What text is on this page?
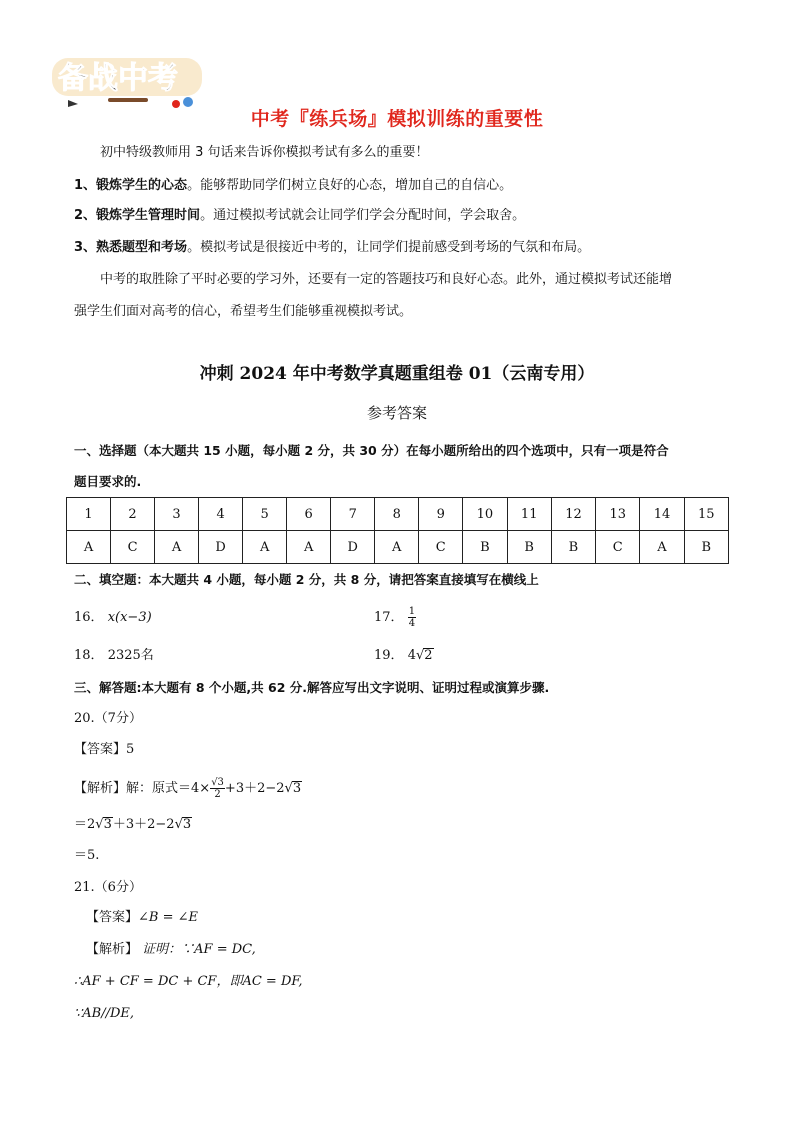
备战中考
中考『练兵场』模拟训练的重要性
初中特级教师用 3 句话来告诉你模拟考试有多么的重要！
1、锻炼学生的心态。能够帮助同学们树立良好的心态，增加自己的自信心。
2、锻炼学生管理时间。通过模拟考试就会让同学们学会分配时间，学会取舍。
3、熟悉题型和考场。模拟考试是很接近中考的，让同学们提前感受到考场的气氛和布局。
中考的取胜除了平时必要的学习外，还要有一定的答题技巧和良好心态。此外，通过模拟考试还能增
强学生们面对高考的信心，希望考生们能够重视模拟考试。
冲刺 2024 年中考数学真题重组卷 01（云南专用）
参考答案
一、选择题（本大题共 15 小题，每小题 2 分，共 30 分）在每小题所给出的四个选项中，只有一项是符合
题目要求的.
1	2	3	4	5	6	7	8	9	10	11	12	13	14	15
A	C	A	D	A	A	D	A	C	B	B	B	C	A	B
二、填空题：本大题共 4 小题，每小题 2 分，共 8 分，请把答案直接填写在横线上
16． x(x−3)	17． $\frac{1}{4}$
18． 2325名	19． 4√2
三、解答题:本大题有 8 个小题,共 62 分.解答应写出文字说明、证明过程或演算步骤.
20.（7分）
【答案】5
【解析】解：原式$=4\times \frac{√3}{2} +3+2-2√3$
＝2√3＋3＋2−2√3
＝5.
21.（6分）
【答案】∠B = ∠E
【解析】 证明：∵AF = DC,
∴AF + CF = DC + CF，即AC = DF,
∵AB//DE,
